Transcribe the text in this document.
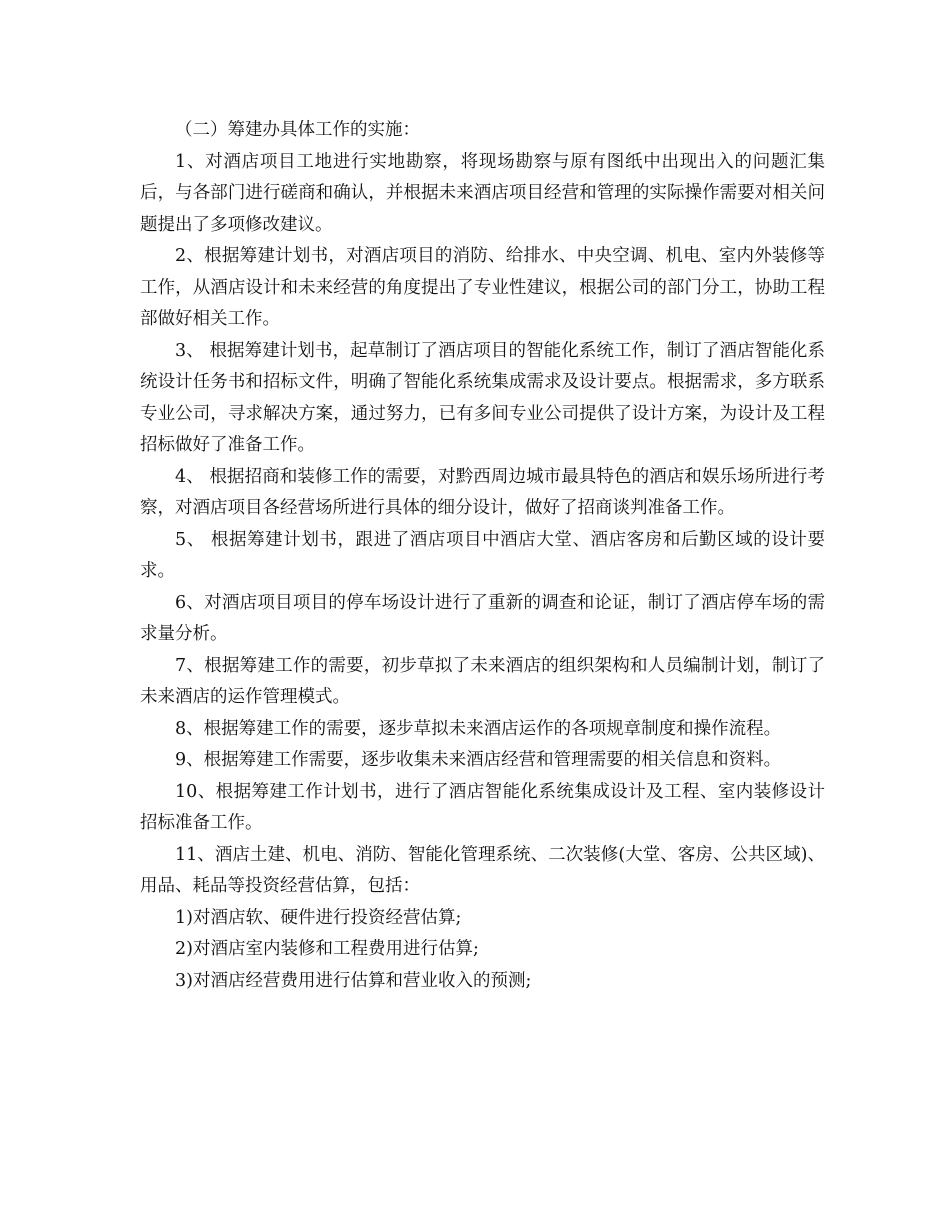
（二）筹建办具体工作的实施：

1、对酒店项目工地进行实地勘察，将现场勘察与原有图纸中出现出入的问题汇集后，与各部门进行磋商和确认，并根据未来酒店项目经营和管理的实际操作需要对相关问题提出了多项修改建议。

2、根据筹建计划书，对酒店项目的消防、给排水、中央空调、机电、室内外装修等工作，从酒店设计和未来经营的角度提出了专业性建议，根据公司的部门分工，协助工程部做好相关工作。

3、 根据筹建计划书，起草制订了酒店项目的智能化系统工作，制订了酒店智能化系统设计任务书和招标文件，明确了智能化系统集成需求及设计要点。根据需求，多方联系专业公司，寻求解决方案，通过努力，已有多间专业公司提供了设计方案，为设计及工程招标做好了准备工作。

4、 根据招商和装修工作的需要，对黔西周边城市最具特色的酒店和娱乐场所进行考察，对酒店项目各经营场所进行具体的细分设计，做好了招商谈判准备工作。

5、 根据筹建计划书，跟进了酒店项目中酒店大堂、酒店客房和后勤区域的设计要求。

6、对酒店项目项目的停车场设计进行了重新的调查和论证，制订了酒店停车场的需求量分析。

7、根据筹建工作的需要，初步草拟了未来酒店的组织架构和人员编制计划，制订了未来酒店的运作管理模式。

8、根据筹建工作的需要，逐步草拟未来酒店运作的各项规章制度和操作流程。

9、根据筹建工作需要，逐步收集未来酒店经营和管理需要的相关信息和资料。

10、根据筹建工作计划书，进行了酒店智能化系统集成设计及工程、室内装修设计招标准备工作。

11、酒店土建、机电、消防、智能化管理系统、二次装修(大堂、客房、公共区域)、用品、耗品等投资经营估算，包括：

1)对酒店软、硬件进行投资经营估算;

2)对酒店室内装修和工程费用进行估算;

3)对酒店经营费用进行估算和营业收入的预测;
